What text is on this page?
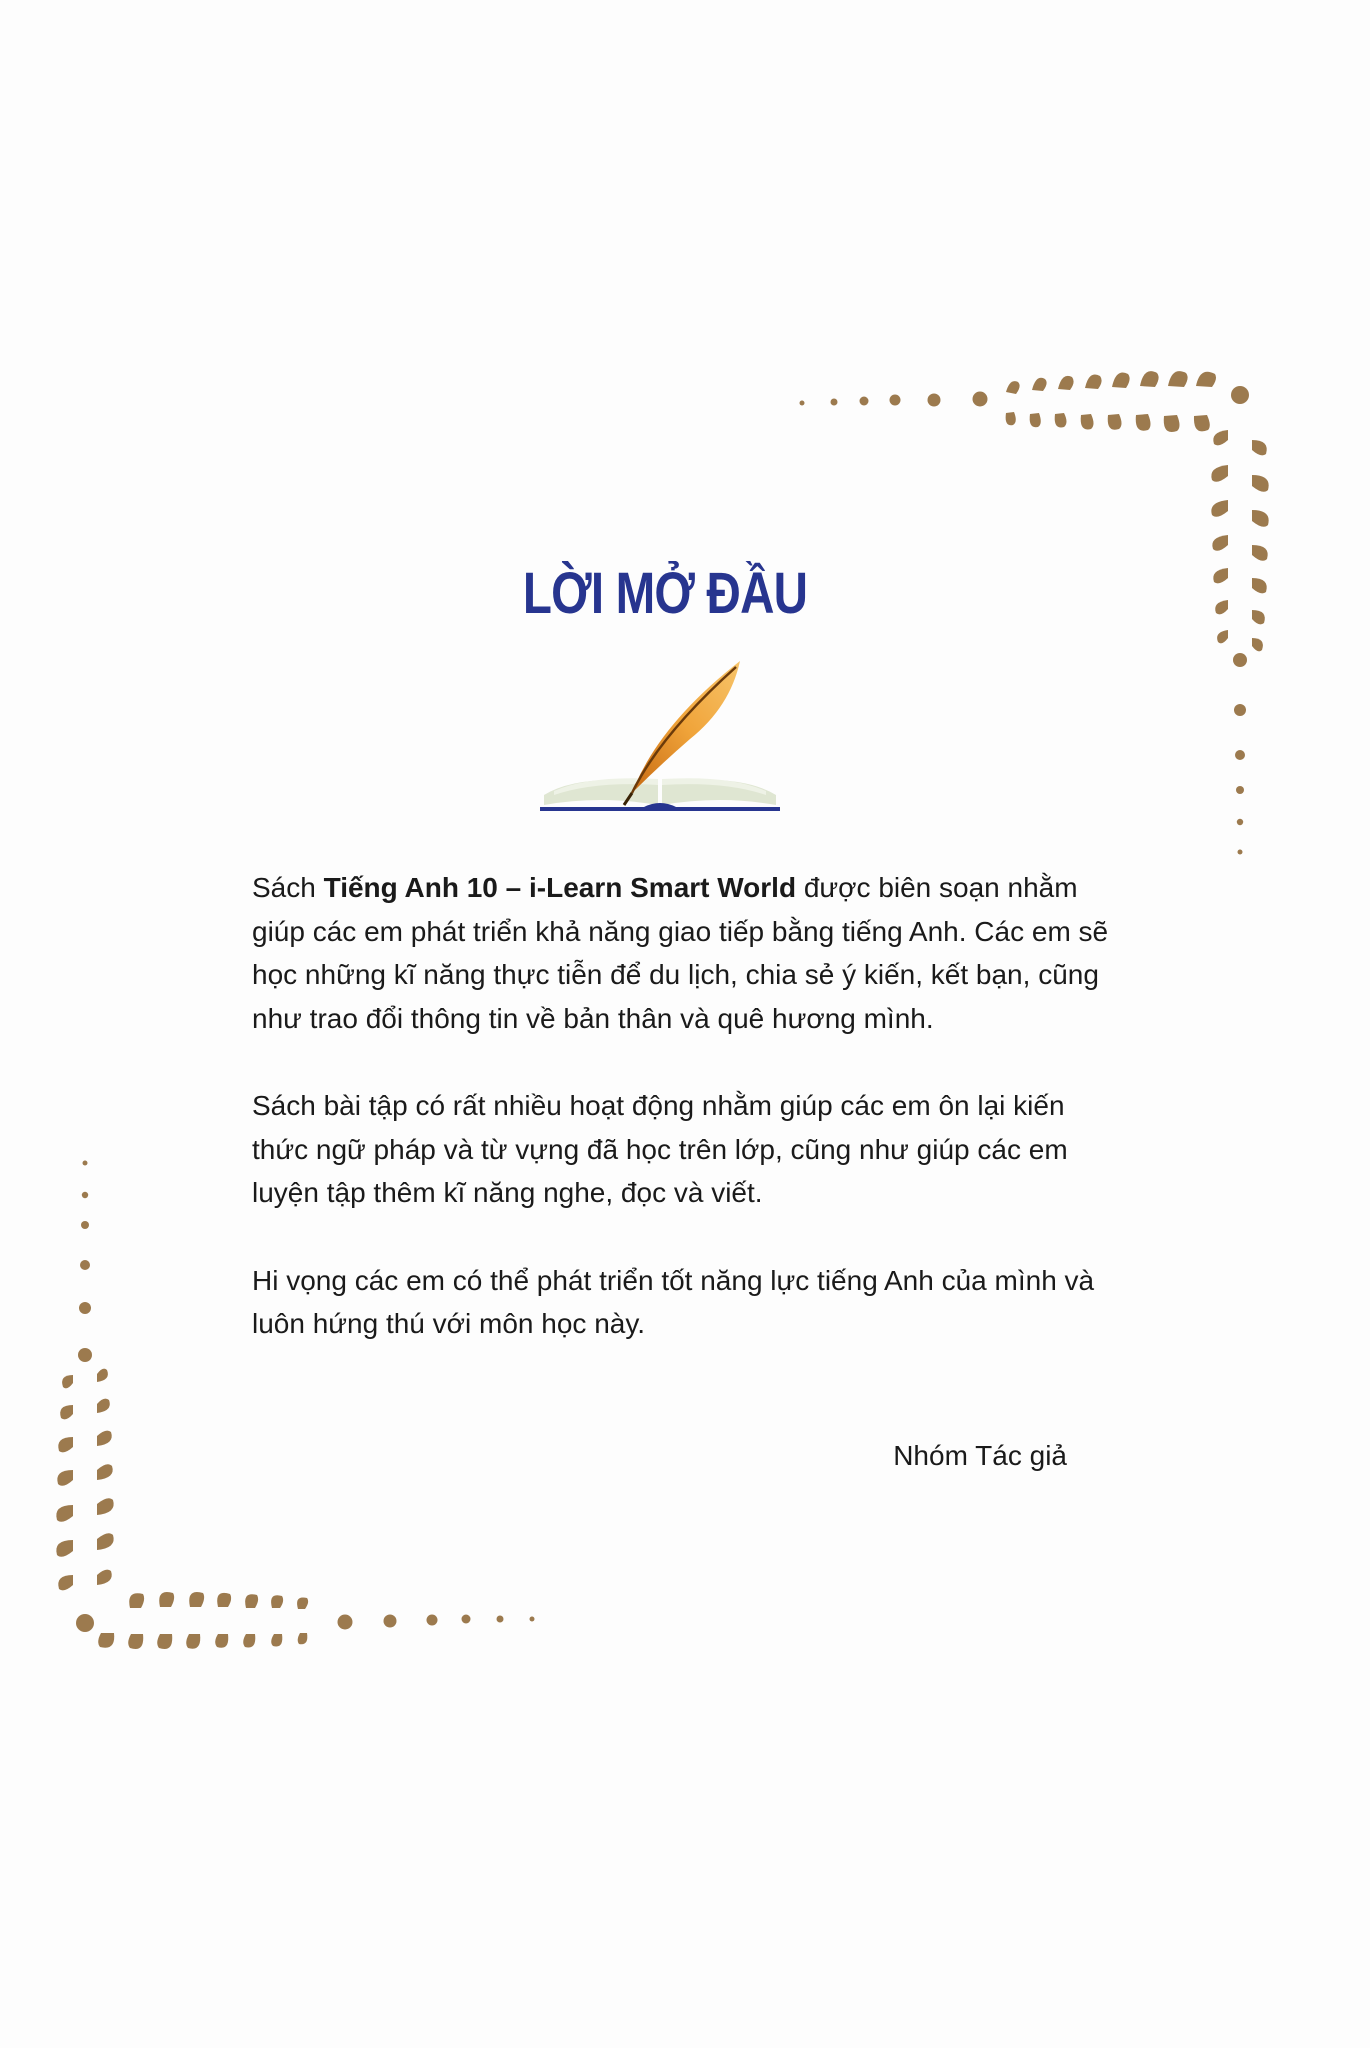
LỜI MỞ ĐẦU

Sách Tiếng Anh 10 – i-Learn Smart World được biên soạn nhằm giúp các em phát triển khả năng giao tiếp bằng tiếng Anh. Các em sẽ học những kĩ năng thực tiễn để du lịch, chia sẻ ý kiến, kết bạn, cũng như trao đổi thông tin về bản thân và quê hương mình.

Sách bài tập có rất nhiều hoạt động nhằm giúp các em ôn lại kiến thức ngữ pháp và từ vựng đã học trên lớp, cũng như giúp các em luyện tập thêm kĩ năng nghe, đọc và viết.

Hi vọng các em có thể phát triển tốt năng lực tiếng Anh của mình và luôn hứng thú với môn học này.

Nhóm Tác giả
